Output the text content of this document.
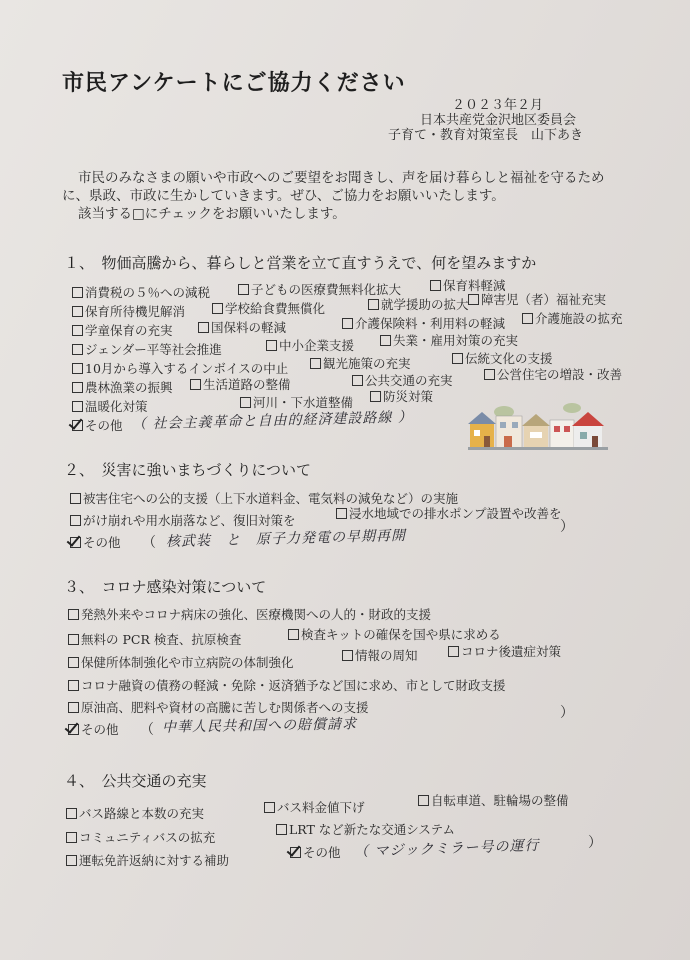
市民アンケートにご協力ください
２０２３年２月
日本共産党金沢地区委員会
子育て・教育対策室長　山下あき
市民のみなさまの願いや市政へのご要望をお聞きし、声を届け暮らしと福祉を守るため
に、県政、市政に生かしていきます。ぜひ、ご協力をお願いいたします。
該当する□にチェックをお願いいたします。
１、　物価高騰から、暮らしと営業を立て直すうえで、何を望みますか
消費税の５％への減税	子どもの医療費無料化拡大	保育料軽減
保育所待機児解消	学校給食費無償化	就学援助の拡大 障害児（者）福祉充実
学童保育の充実	国保料の軽減	介護保険料・利用料の軽減	介護施設の拡充
ジェンダー平等社会推進	中小企業支援	失業・雇用対策の充実
10月から導入するインボイスの中止	観光施策の充実	伝統文化の支援
農林漁業の振興	生活道路の整備	公共交通の充実	公営住宅の増設・改善
温暖化対策	河川・下水道整備	防災対策
その他 （ 社会主義革命と自由的経済建設路線 ）
２、　災害に強いまちづくりについて
被害住宅への公的支援（上下水道料金、電気料の減免など）の実施
がけ崩れや用水崩落など、復旧対策を	浸水地域での排水ポンプ設置や改善を
その他 （ 核武装　と　原子力発電の早期再開
）
３、　コロナ感染対策について
発熱外来やコロナ病床の強化、医療機関への人的・財政的支援
無料の PCR 検査、抗原検査	検査キットの確保を国や県に求める
保健所体制強化や市立病院の体制強化	情報の周知	コロナ後遺症対策
コロナ融資の債務の軽減・免除・返済猶予など国に求め、市として財政支援
原油高、肥料や資材の高騰に苦しむ関係者への支援
その他 （ 中華人民共和国への賠償請求
）
４、　公共交通の充実
バス路線と本数の充実	バス料金値下げ	自転車道、駐輪場の整備
コミュニティバスの拡充
LRT など新たな交通システム
運転免許返納に対する補助
その他 （ マジックミラー号の運行	）
